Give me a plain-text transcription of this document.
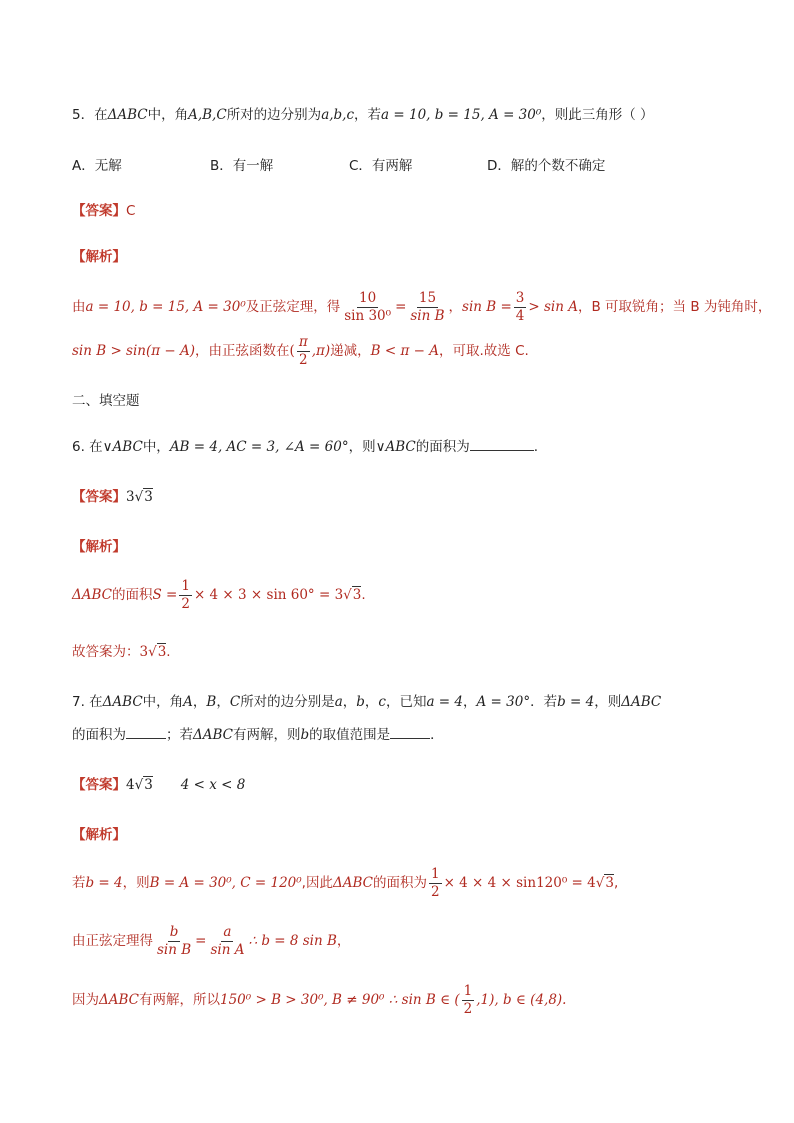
5．在ΔABC中，角A,B,C所对的边分别为a,b,c，若a = 10, b = 15, A = 30⁰，则此三角形（ ）
A．无解	B．有一解	C．有两解	D．解的个数不确定
【答案】C
【解析】
由a = 10, b = 15, A = 30⁰及正弦定理，得 $\frac{10}{\text{sin 30⁰}} = \frac{15}{\text{sin B}}$ ，$\sin B = \frac{3}{4} > \sin A$，B 可取锐角；当 B 为钝角时，
sin B > sin(π − A)，由正弦函数在( $\frac{\pi}{2} ,\pi$)递减，B < π − A，可取.故选 C.
二、填空题
6. 在∨ABC中，AB = 4, AC = 3, ∠A = 60°，则∨ABC的面积为	.
【答案】3√3
【解析】
ΔABC的面积$S = \frac{1}{2} \times 4 \times 3 \times \sin 60^\circ = 3√3$.
故答案为：3√3.
7. 在ΔABC中，角A，B，C所对的边分别是a，b，c，已知a = 4，A = 30°．若b = 4，则ΔABC
的面积为	；若ΔABC有两解，则b的取值范围是	．
【答案】4√3 4 < x < 8
【解析】
若b = 4，则B = A = 30⁰, C = 120⁰,因此ΔABC的面积为 $\frac{1}{2} \times 4 \times 4 \times \sin 120^0 = 4√3$,
由正弦定理得 $\frac{b}{\text{sin B}} = \frac{a}{\text{sin A}}$ ∴ b = 8 sin B，
因为ΔABC有两解，所以150⁰ > B > 30⁰, B ≠ 90⁰ ∴ sin B ∈ ( $\frac{1}{2} ,1$), b ∈ (4,8).
